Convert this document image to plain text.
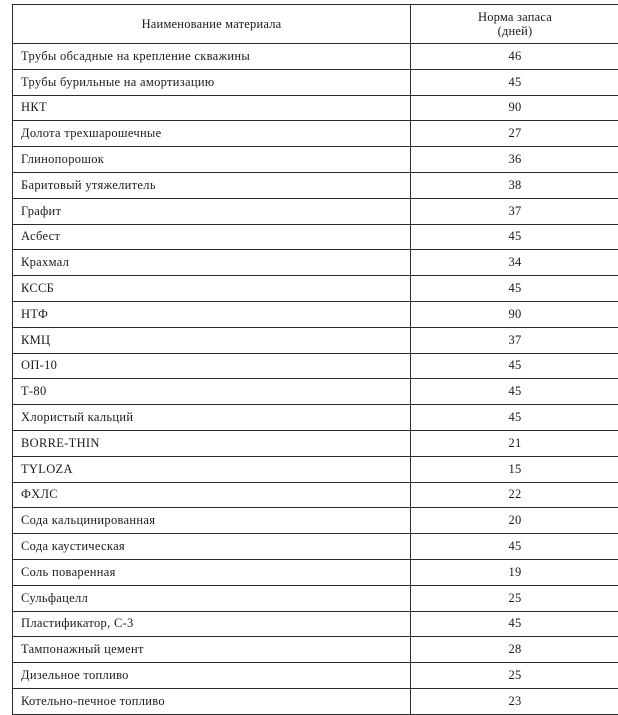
Наименование материала	Норма запаса
(дней)

Трубы обсадные на крепление скважины	46
Трубы бурильные на амортизацию	45
НКТ	90
Долота трехшарошечные	27
Глинопорошок	36
Баритовый утяжелитель	38
Графит	37
Асбест	45
Крахмал	34
КССБ	45
НТФ	90
КМЦ	37
ОП-10	45
Т-80	45
Хлористый кальций	45
BORRE-THIN	21
TYLOZA	15
ФХЛС	22
Сода кальцинированная	20
Сода каустическая	45
Соль поваренная	19
Сульфацелл	25
Пластификатор, С-3	45
Тампонажный цемент	28
Дизельное топливо	25
Котельно-печное топливо	23
